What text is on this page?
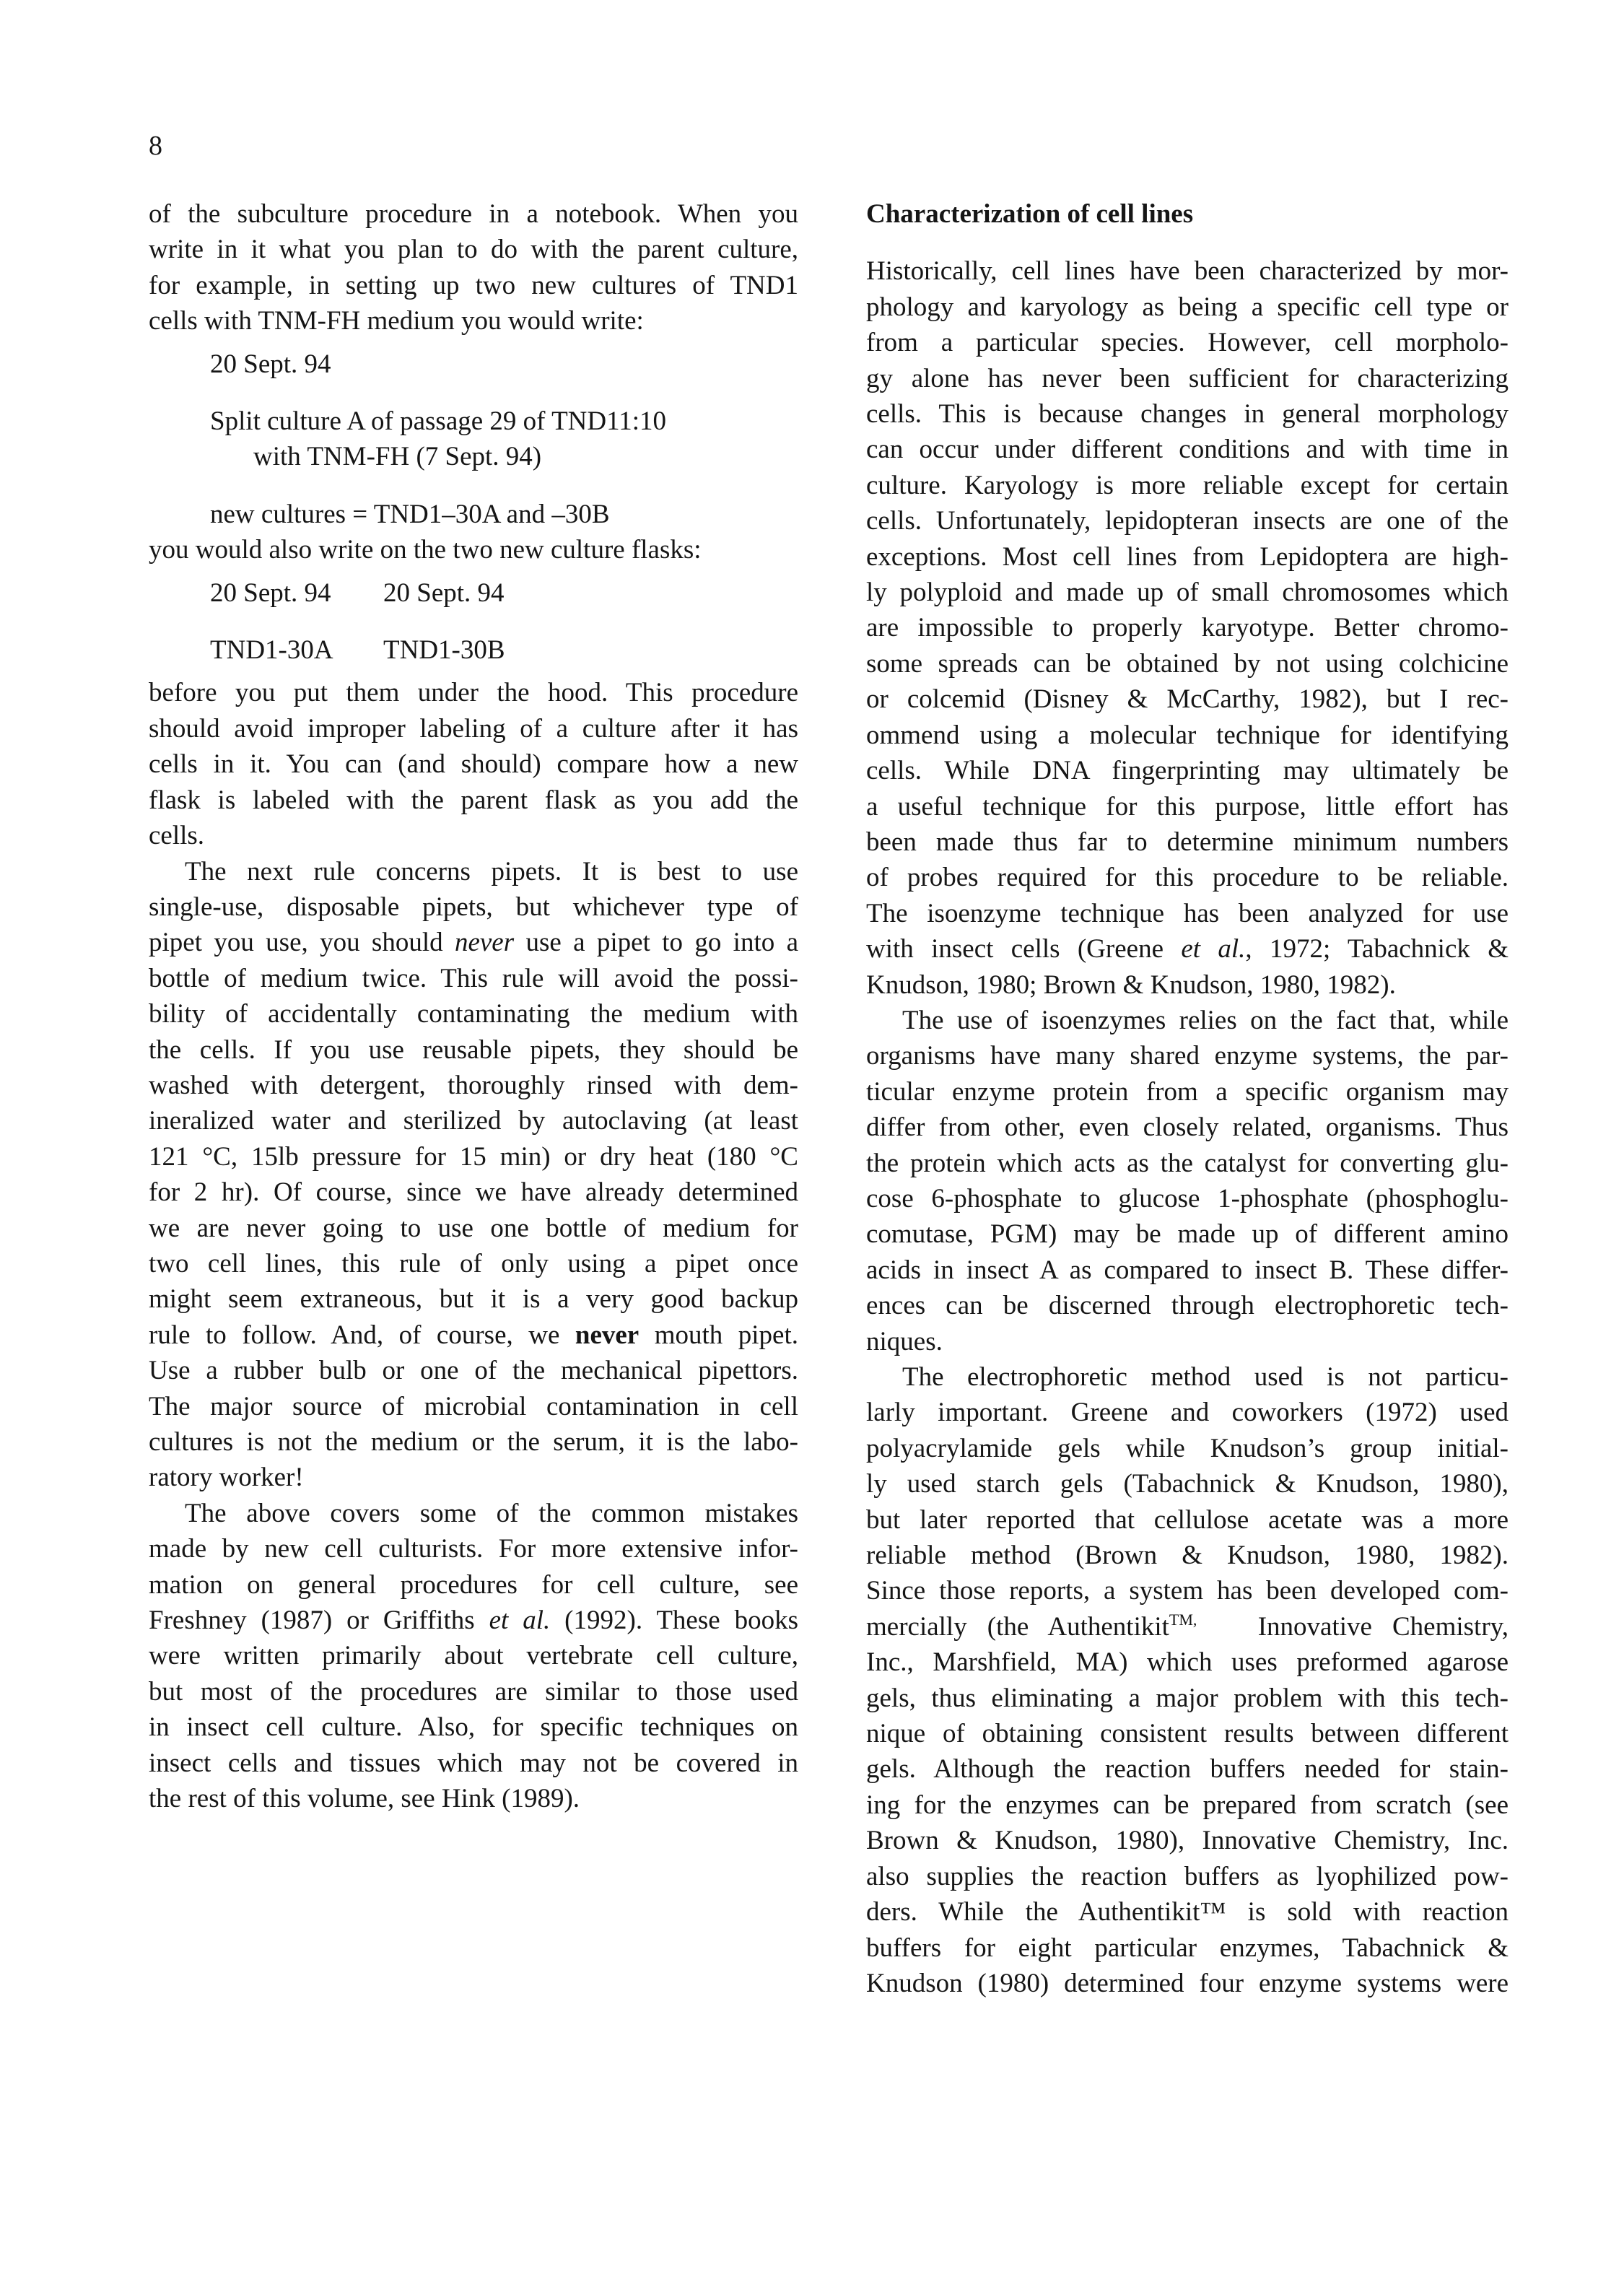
8
of the subculture procedure in a notebook. When you
write in it what you plan to do with the parent culture,
for example, in setting up two new cultures of TND1
cells with TNM-FH medium you would write:
20 Sept. 94
Split culture A of passage 29 of TND11:10
with TNM-FH (7 Sept. 94)
new cultures = TND1–30A and –30B
you would also write on the two new culture flasks:
20 Sept. 94 20 Sept. 94
TND1-30A TND1-30B
before you put them under the hood. This procedure
should avoid improper labeling of a culture after it has
cells in it. You can (and should) compare how a new
flask is labeled with the parent flask as you add the
cells.
The next rule concerns pipets. It is best to use
single-use, disposable pipets, but whichever type of
pipet you use, you should never use a pipet to go into a
bottle of medium twice. This rule will avoid the possi-
bility of accidentally contaminating the medium with
the cells. If you use reusable pipets, they should be
washed with detergent, thoroughly rinsed with dem-
ineralized water and sterilized by autoclaving (at least
121 °C, 15lb pressure for 15 min) or dry heat (180 °C
for 2 hr). Of course, since we have already determined
we are never going to use one bottle of medium for
two cell lines, this rule of only using a pipet once
might seem extraneous, but it is a very good backup
rule to follow. And, of course, we never mouth pipet.
Use a rubber bulb or one of the mechanical pipettors.
The major source of microbial contamination in cell
cultures is not the medium or the serum, it is the labo-
ratory worker!
The above covers some of the common mistakes
made by new cell culturists. For more extensive infor-
mation on general procedures for cell culture, see
Freshney (1987) or Griffiths et al. (1992). These books
were written primarily about vertebrate cell culture,
but most of the procedures are similar to those used
in insect cell culture. Also, for specific techniques on
insect cells and tissues which may not be covered in
the rest of this volume, see Hink (1989).
Characterization of cell lines
Historically, cell lines have been characterized by mor-
phology and karyology as being a specific cell type or
from a particular species. However, cell morpholo-
gy alone has never been sufficient for characterizing
cells. This is because changes in general morphology
can occur under different conditions and with time in
culture. Karyology is more reliable except for certain
cells. Unfortunately, lepidopteran insects are one of the
exceptions. Most cell lines from Lepidoptera are high-
ly polyploid and made up of small chromosomes which
are impossible to properly karyotype. Better chromo-
some spreads can be obtained by not using colchicine
or colcemid (Disney & McCarthy, 1982), but I rec-
ommend using a molecular technique for identifying
cells. While DNA fingerprinting may ultimately be
a useful technique for this purpose, little effort has
been made thus far to determine minimum numbers
of probes required for this procedure to be reliable.
The isoenzyme technique has been analyzed for use
with insect cells (Greene et al., 1972; Tabachnick &
Knudson, 1980; Brown & Knudson, 1980, 1982).
The use of isoenzymes relies on the fact that, while
organisms have many shared enzyme systems, the par-
ticular enzyme protein from a specific organism may
differ from other, even closely related, organisms. Thus
the protein which acts as the catalyst for converting glu-
cose 6-phosphate to glucose 1-phosphate (phosphoglu-
comutase, PGM) may be made up of different amino
acids in insect A as compared to insect B. These differ-
ences can be discerned through electrophoretic tech-
niques.
The electrophoretic method used is not particu-
larly important. Greene and coworkers (1972) used
polyacrylamide gels while Knudson’s group initial-
ly used starch gels (Tabachnick & Knudson, 1980),
but later reported that cellulose acetate was a more
reliable method (Brown & Knudson, 1980, 1982).
Since those reports, a system has been developed com-
mercially (the Authentikit$^{TM,}$ Innovative Chemistry,
Inc., Marshfield, MA) which uses preformed agarose
gels, thus eliminating a major problem with this tech-
nique of obtaining consistent results between different
gels. Although the reaction buffers needed for stain-
ing for the enzymes can be prepared from scratch (see
Brown & Knudson, 1980), Innovative Chemistry, Inc.
also supplies the reaction buffers as lyophilized pow-
ders. While the Authentikit™ is sold with reaction
buffers for eight particular enzymes, Tabachnick &
Knudson (1980) determined four enzyme systems were
